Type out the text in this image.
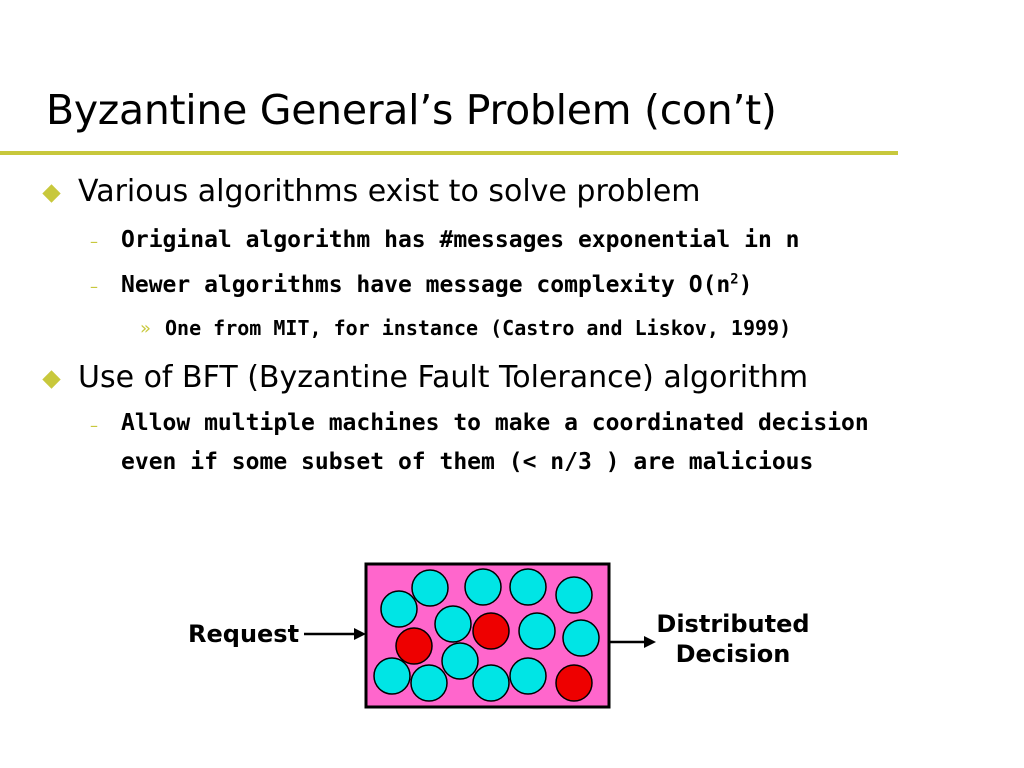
Byzantine General’s Problem (con’t)
Various algorithms exist to solve problem
– Original algorithm has #messages exponential in n
– Newer algorithms have message complexity $O(n^2)$
» One from MIT, for instance (Castro and Liskov, 1999)
Use of BFT (Byzantine Fault Tolerance) algorithm
– Allow multiple machines to make a coordinated decision
even if some subset of them (< n/3 ) are malicious
Request	Distributed
Decision
